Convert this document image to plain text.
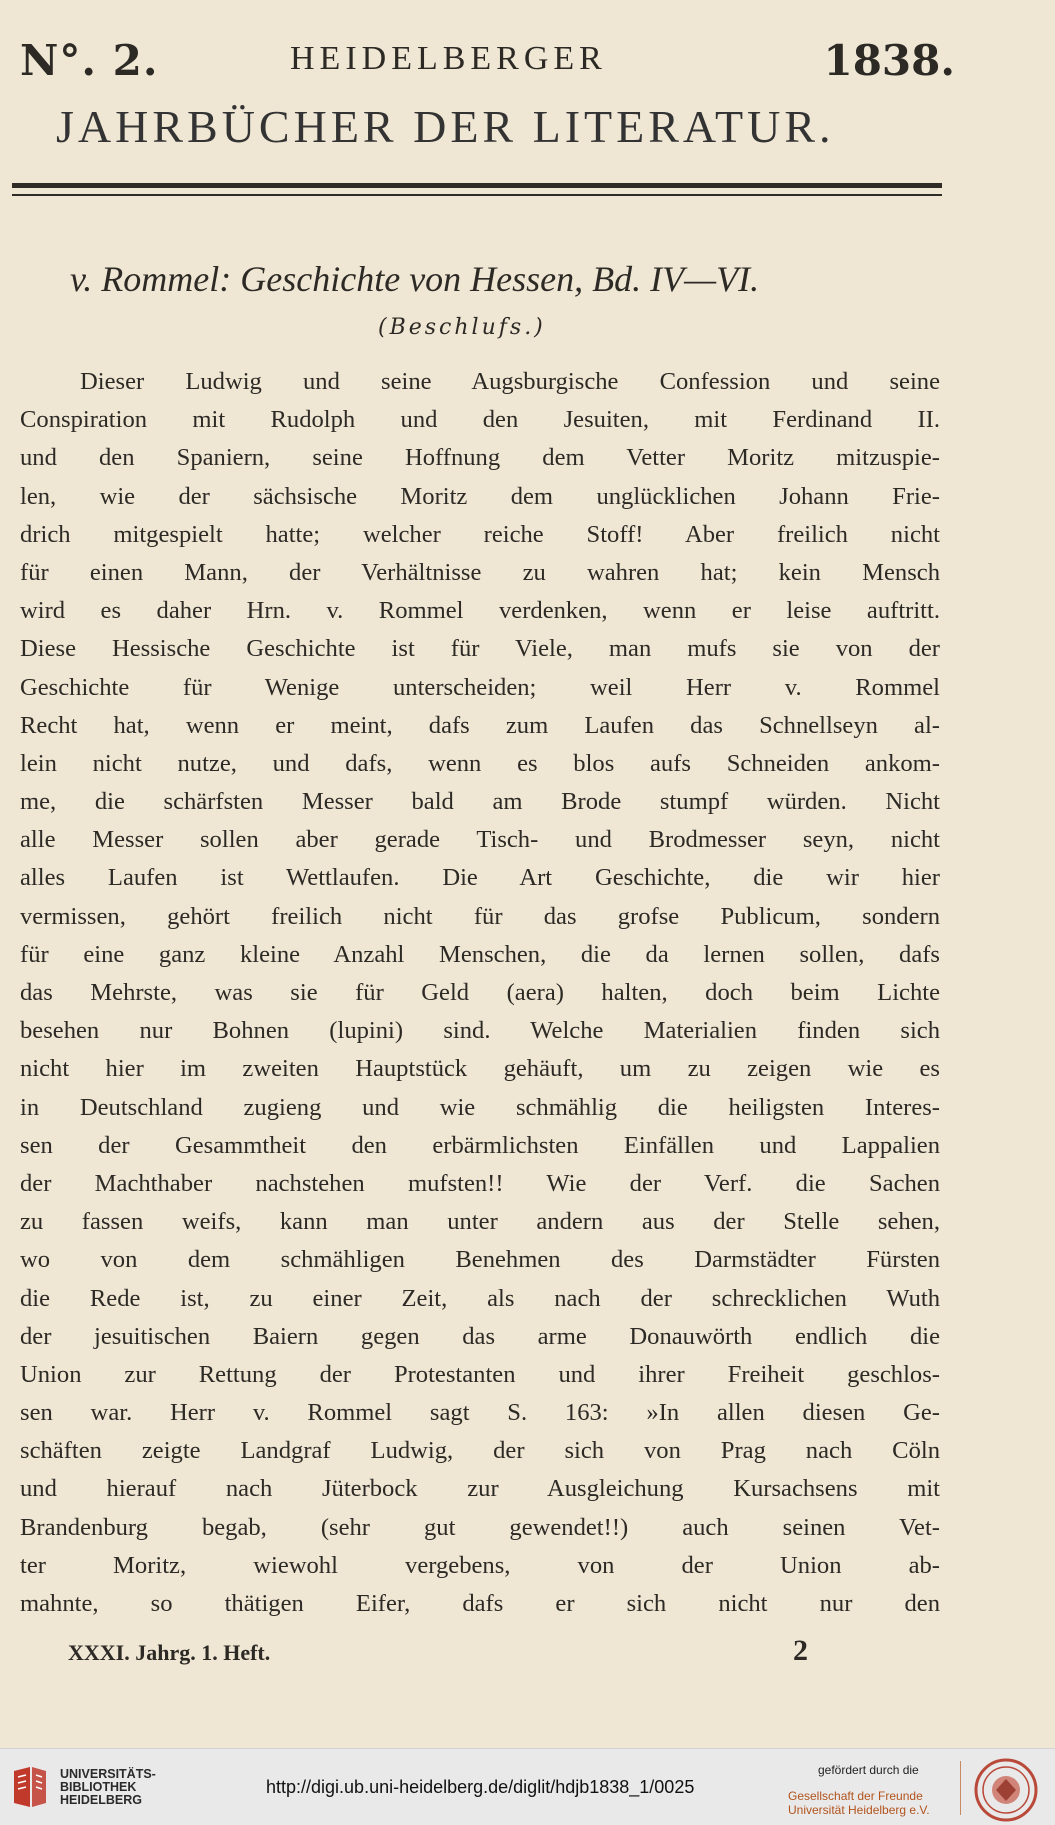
N°. 2.	HEIDELBERGER	1838.
JAHRBÜCHER DER LITERATUR.
v. Rommel: Geschichte von Hessen, Bd. IV—VI.
(Beschlufs.)
Dieser Ludwig und seine Augsburgische Confession und seine
Conspiration mit Rudolph und den Jesuiten, mit Ferdinand II.
und den Spaniern, seine Hoffnung dem Vetter Moritz mitzuspie-
len, wie der sächsische Moritz dem unglücklichen Johann Frie-
drich mitgespielt hatte; welcher reiche Stoff! Aber freilich nicht
für einen Mann, der Verhältnisse zu wahren hat; kein Mensch
wird es daher Hrn. v. Rommel verdenken, wenn er leise auftritt.
Diese Hessische Geschichte ist für Viele, man mufs sie von der
Geschichte für Wenige unterscheiden; weil Herr v. Rommel
Recht hat, wenn er meint, dafs zum Laufen das Schnellseyn al-
lein nicht nutze, und dafs, wenn es blos aufs Schneiden ankom-
me, die schärfsten Messer bald am Brode stumpf würden. Nicht
alle Messer sollen aber gerade Tisch- und Brodmesser seyn, nicht
alles Laufen ist Wettlaufen. Die Art Geschichte, die wir hier
vermissen, gehört freilich nicht für das grofse Publicum, sondern
für eine ganz kleine Anzahl Menschen, die da lernen sollen, dafs
das Mehrste, was sie für Geld (aera) halten, doch beim Lichte
besehen nur Bohnen (lupini) sind. Welche Materialien finden sich
nicht hier im zweiten Hauptstück gehäuft, um zu zeigen wie es
in Deutschland zugieng und wie schmählig die heiligsten Interes-
sen der Gesammtheit den erbärmlichsten Einfällen und Lappalien
der Machthaber nachstehen mufsten!! Wie der Verf. die Sachen
zu fassen weifs, kann man unter andern aus der Stelle sehen,
wo von dem schmähligen Benehmen des Darmstädter Fürsten
die Rede ist, zu einer Zeit, als nach der schrecklichen Wuth
der jesuitischen Baiern gegen das arme Donauwörth endlich die
Union zur Rettung der Protestanten und ihrer Freiheit geschlos-
sen war. Herr v. Rommel sagt S. 163: »In allen diesen Ge-
schäften zeigte Landgraf Ludwig, der sich von Prag nach Cöln
und hierauf nach Jüterbock zur Ausgleichung Kursachsens mit
Brandenburg begab, (sehr gut gewendet!!) auch seinen Vet-
ter Moritz, wiewohl vergebens, von der Union ab-
mahnte, so thätigen Eifer, dafs er sich nicht nur den
XXXI. Jahrg. 1. Heft.	2
UNIVERSITÄTS-
BIBLIOTHEK
HEIDELBERG
http://digi.ub.uni-heidelberg.de/diglit/hdjb1838_1/0025
gefördert durch die
Gesellschaft der Freunde
Universität Heidelberg e.V.
